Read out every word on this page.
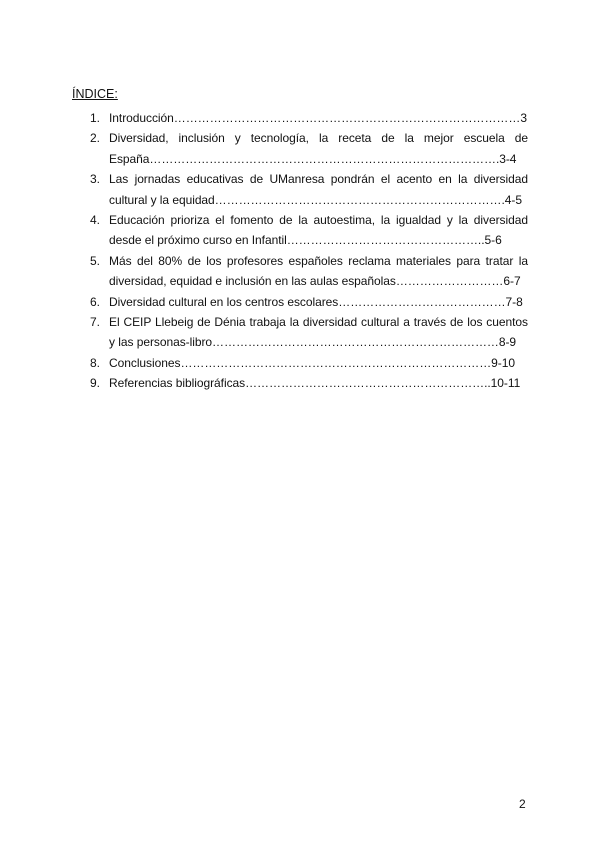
ÍNDICE:
1. Introducción……………………………………………………………………………3
2. Diversidad, inclusión y tecnología, la receta de la mejor escuela de España…………………………………………………………………………….3-4
3. Las jornadas educativas de UManresa pondrán el acento en la diversidad cultural y la equidad……………………………………………………………….4-5
4. Educación prioriza el fomento de la autoestima, la igualdad y la diversidad desde el próximo curso en Infantil…………………………………………..5-6
5. Más del 80% de los profesores españoles reclama materiales para tratar la diversidad, equidad e inclusión en las aulas españolas………………………6-7
6. Diversidad cultural en los centros escolares……………………………………7-8
7. El CEIP Llebeig de Dénia trabaja la diversidad cultural a través de los cuentos y las personas-libro………………………………………………………………8-9
8. Conclusiones……………………………………………………………………9-10
9. Referencias bibliográficas……………………………………………………..10-11
2
